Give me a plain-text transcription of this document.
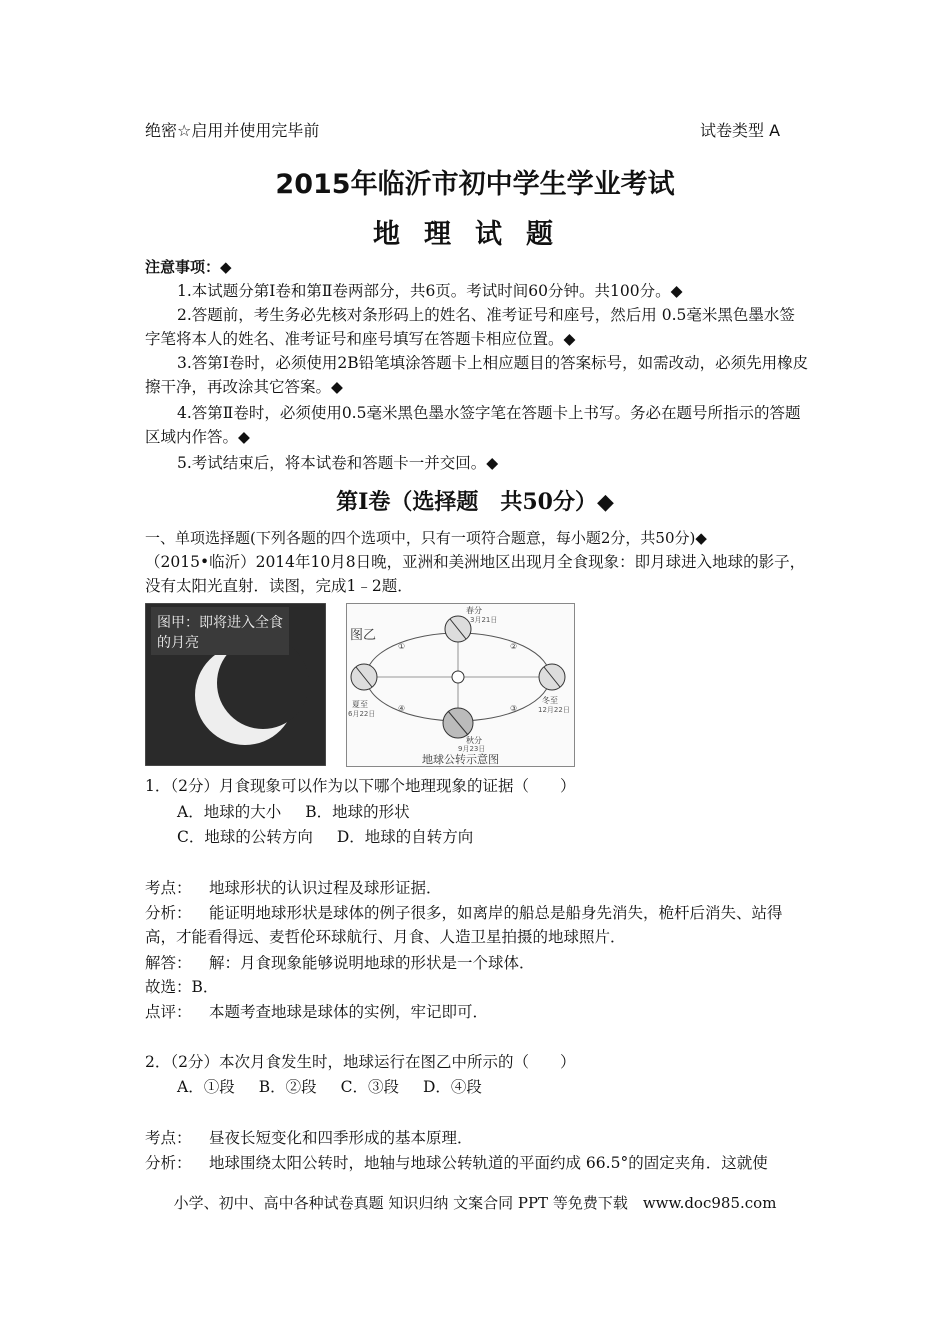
绝密☆启用并使用完毕前	试卷类型 A
2015年临沂市初中学生学业考试
地理试题
注意事项：◆
1.本试题分第Ⅰ卷和第Ⅱ卷两部分，共6页。考试时间60分钟。共100分。◆
2.答题前，考生务必先核对条形码上的姓名、准考证号和座号，然后用 0.5毫米黑色墨水签字笔将本人的姓名、准考证号和座号填写在答题卡相应位置。◆
3.答第Ⅰ卷时，必须使用2B铅笔填涂答题卡上相应题目的答案标号，如需改动，必须先用橡皮擦干净，再改涂其它答案。◆
4.答第Ⅱ卷时，必须使用0.5毫米黑色墨水签字笔在答题卡上书写。务必在题号所指示的答题区域内作答。◆
5.考试结束后，将本试卷和答题卡一并交回。◆
第Ⅰ卷（选择题　共50分）◆
一、单项选择题(下列各题的四个选项中，只有一项符合题意，每小题2分，共50分)◆
（2015•临沂）2014年10月8日晚，亚洲和美洲地区出现月全食现象：即月球进入地球的影子，没有太阳光直射．读图，完成1﹣2题．
图甲：即将进入全食
的月亮	图乙
春分
3月21日
夏至
6月22日
秋分
9月23日
冬至
12月22日
①	②
③
④
地球公转示意图
1．（2分）月食现象可以作为以下哪个地理现象的证据（　　）
A．地球的大小 B．地球的形状
C．地球的公转方向 D．地球的自转方向
考点： 地球形状的认识过程及球形证据．
分析： 能证明地球形状是球体的例子很多，如离岸的船总是船身先消失，桅杆后消失、站得高，才能看得远、麦哲伦环球航行、月食、人造卫星拍摄的地球照片．
解答： 解：月食现象能够说明地球的形状是一个球体．
故选：B．
点评： 本题考查地球是球体的实例，牢记即可．
2．（2分）本次月食发生时，地球运行在图乙中所示的（　　）
A．①段 B．②段 C．③段 D．④段
考点： 昼夜长短变化和四季形成的基本原理．
分析： 地球围绕太阳公转时，地轴与地球公转轨道的平面约成 66.5°的固定夹角．这就使
小学、初中、高中各种试卷真题 知识归纳 文案合同 PPT 等免费下载　www.doc985.com
